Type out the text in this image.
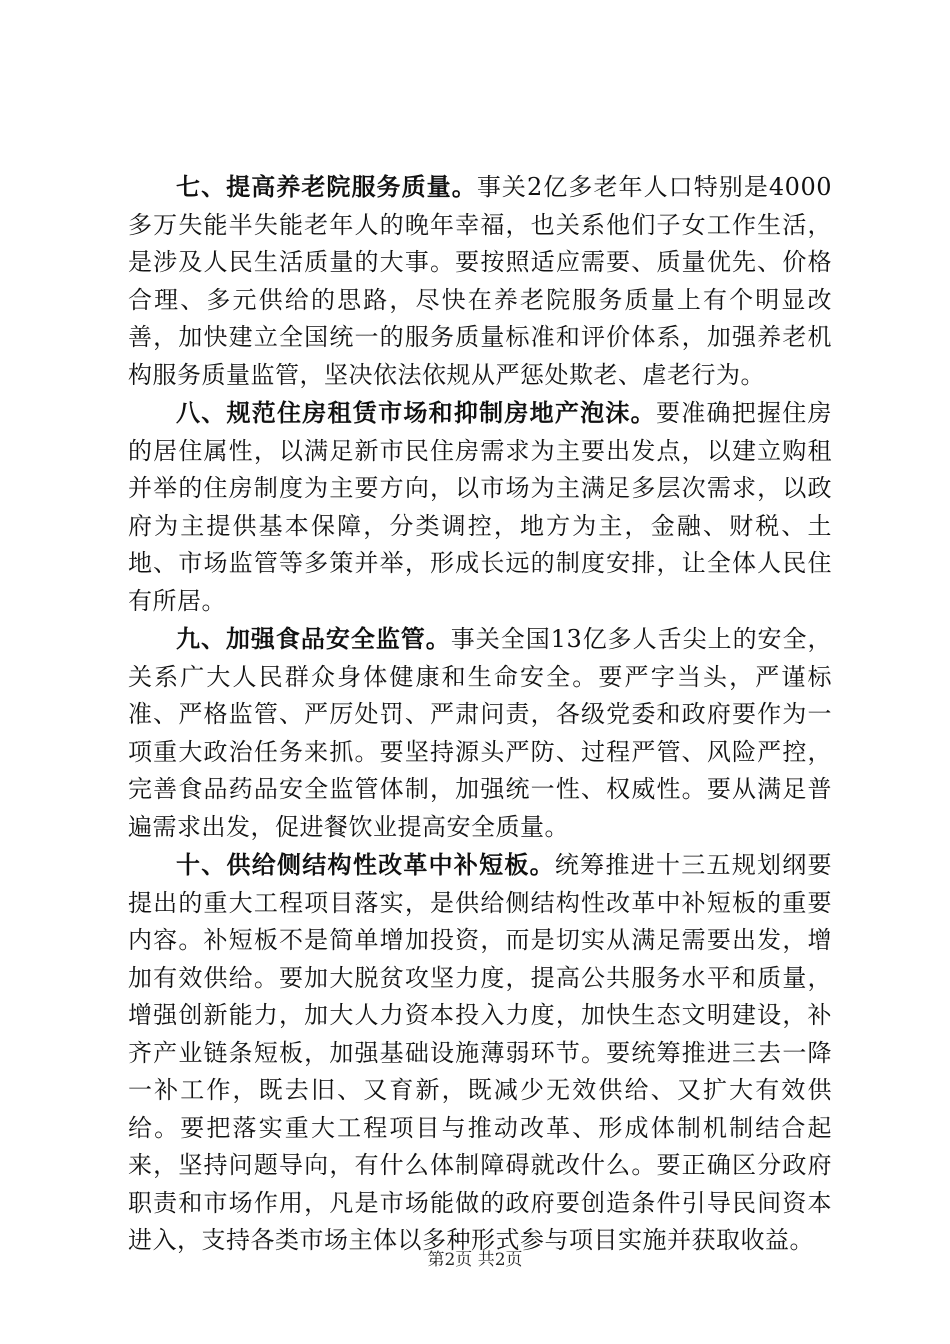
七、提高养老院服务质量。事关2亿多老年人口特别是4000多万失能半失能老年人的晚年幸福，也关系他们子女工作生活，是涉及人民生活质量的大事。要按照适应需要、质量优先、价格合理、多元供给的思路，尽快在养老院服务质量上有个明显改善，加快建立全国统一的服务质量标准和评价体系，加强养老机构服务质量监管，坚决依法依规从严惩处欺老、虐老行为。

八、规范住房租赁市场和抑制房地产泡沫。要准确把握住房的居住属性，以满足新市民住房需求为主要出发点，以建立购租并举的住房制度为主要方向，以市场为主满足多层次需求，以政府为主提供基本保障，分类调控，地方为主，金融、财税、土地、市场监管等多策并举，形成长远的制度安排，让全体人民住有所居。

九、加强食品安全监管。事关全国13亿多人舌尖上的安全，关系广大人民群众身体健康和生命安全。要严字当头，严谨标准、严格监管、严厉处罚、严肃问责，各级党委和政府要作为一项重大政治任务来抓。要坚持源头严防、过程严管、风险严控，完善食品药品安全监管体制，加强统一性、权威性。要从满足普遍需求出发，促进餐饮业提高安全质量。

十、供给侧结构性改革中补短板。统筹推进十三五规划纲要提出的重大工程项目落实，是供给侧结构性改革中补短板的重要内容。补短板不是简单增加投资，而是切实从满足需要出发，增加有效供给。要加大脱贫攻坚力度，提高公共服务水平和质量，增强创新能力，加大人力资本投入力度，加快生态文明建设，补齐产业链条短板，加强基础设施薄弱环节。要统筹推进三去一降一补工作，既去旧、又育新，既减少无效供给、又扩大有效供给。要把落实重大工程项目与推动改革、形成体制机制结合起来，坚持问题导向，有什么体制障碍就改什么。要正确区分政府职责和市场作用，凡是市场能做的政府要创造条件引导民间资本进入，支持各类市场主体以多种形式参与项目实施并获取收益。

第2页 共2页
